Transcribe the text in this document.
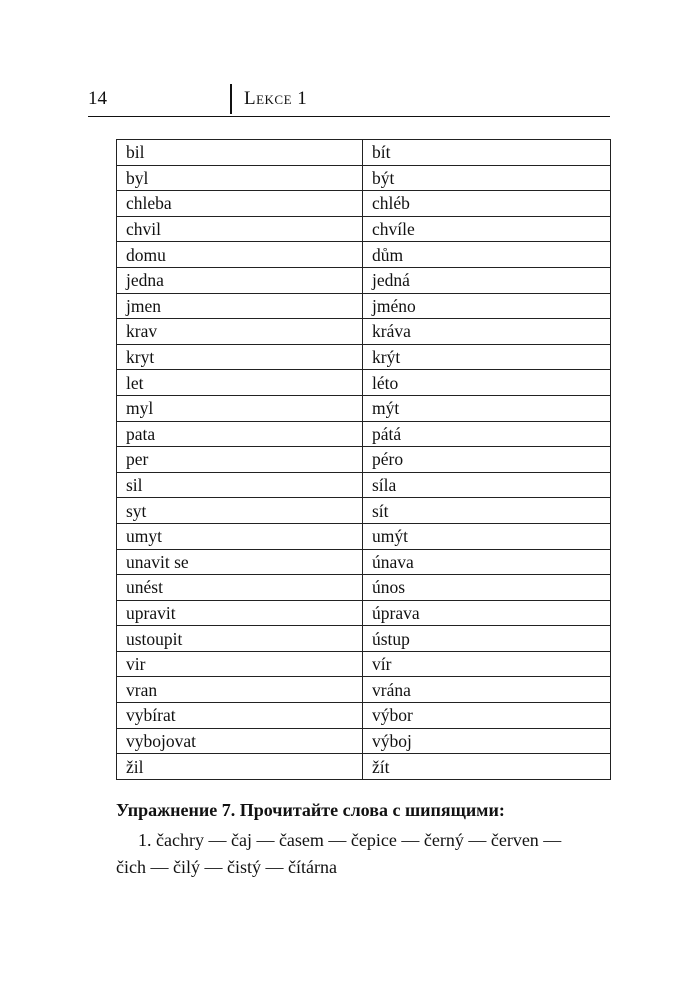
14	Lekce 1
bil	bít
byl	být
chleba	chléb
chvil	chvíle
domu	dům
jedna	jedná
jmen	jméno
krav	kráva
kryt	krýt
let	léto
myl	mýt
pata	pátá
per	péro
sil	síla
syt	sít
umyt	umýt
unavit se	únava
unést	únos
upravit	úprava
ustoupit	ústup
vir	vír
vran	vrána
vybírat	výbor
vybojovat	výboj
žil	žít

Упражнение 7. Прочитайте слова с шипящими:

1. čachry — čaj — časem — čepice — černý — červen —

čich — čilý — čistý — čítárna
